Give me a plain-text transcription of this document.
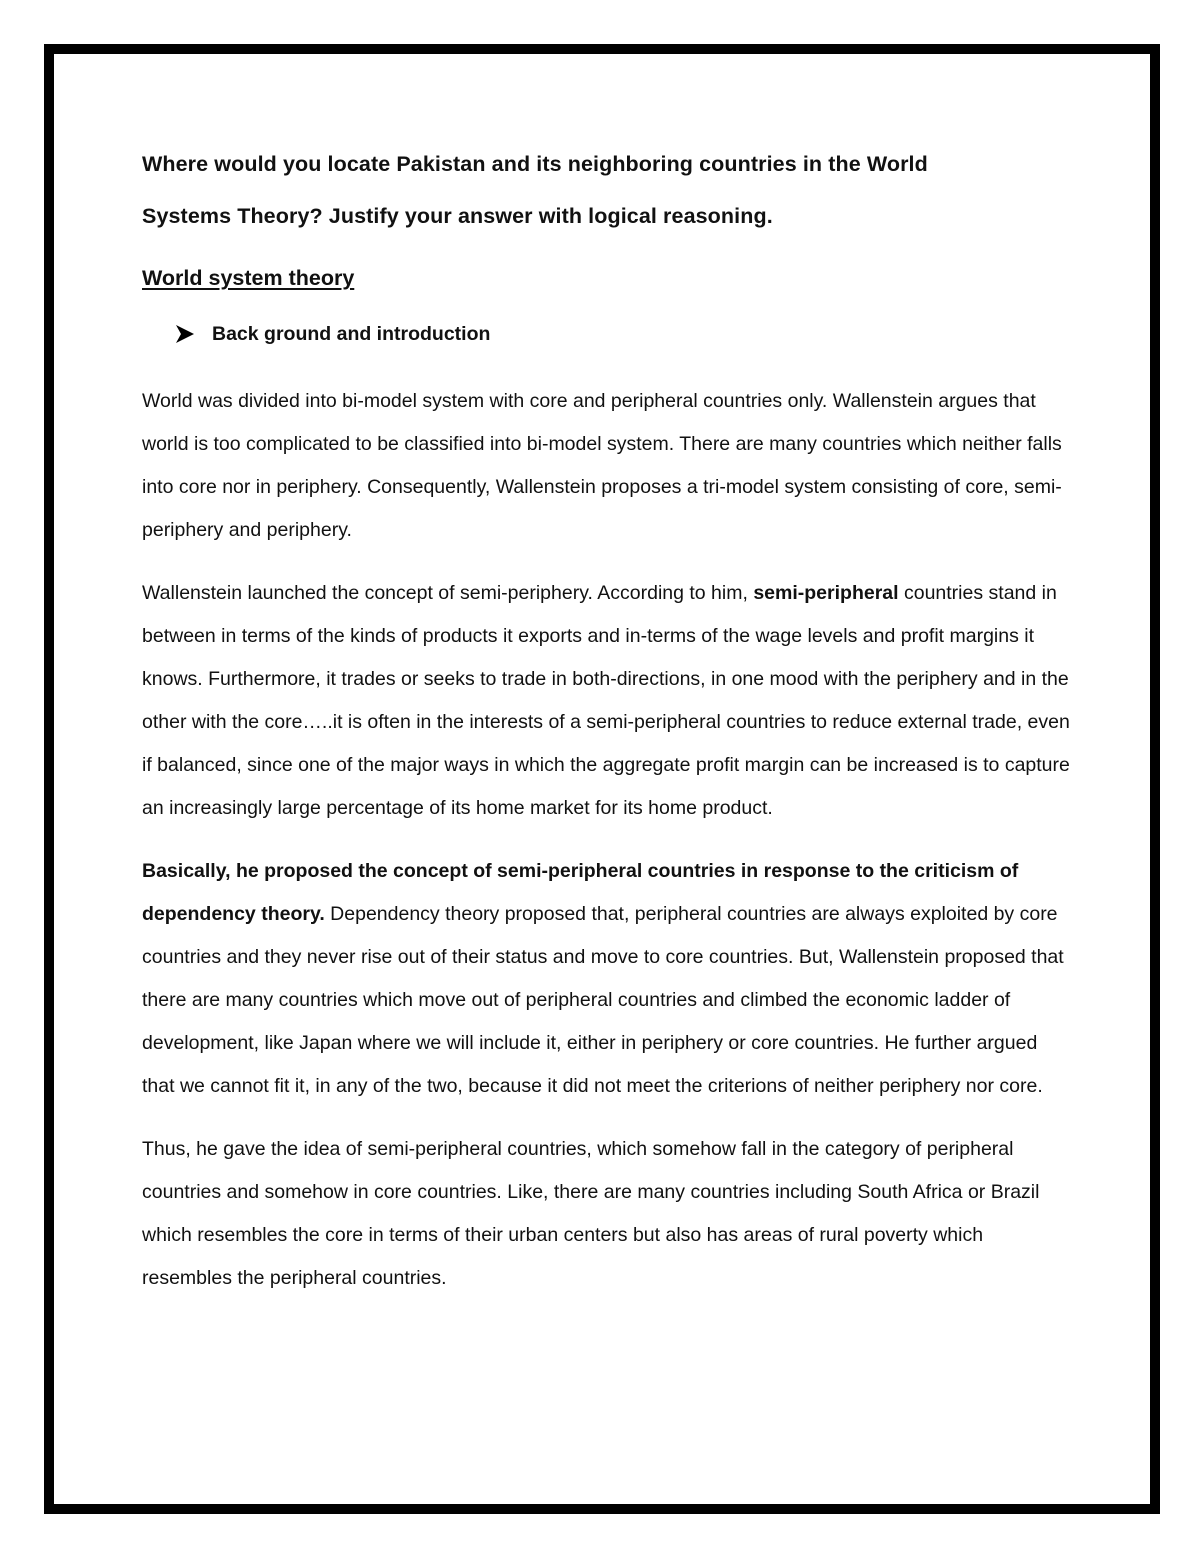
Where would you locate Pakistan and its neighboring countries in the World
Systems Theory? Justify your answer with logical reasoning.
World system theory
Back ground and introduction

World was divided into bi-model system with core and peripheral countries only. Wallenstein argues that world is too complicated to be classified into bi-model system. There are many countries which neither falls into core nor in periphery. Consequently, Wallenstein proposes a tri-model system consisting of core, semi-periphery and periphery.

Wallenstein launched the concept of semi-periphery. According to him, semi-peripheral countries stand in between in terms of the kinds of products it exports and in-terms of the wage levels and profit margins it knows. Furthermore, it trades or seeks to trade in both-directions, in one mood with the periphery and in the other with the core…..it is often in the interests of a semi-peripheral countries to reduce external trade, even if balanced, since one of the major ways in which the aggregate profit margin can be increased is to capture an increasingly large percentage of its home market for its home product.

Basically, he proposed the concept of semi-peripheral countries in response to the criticism of dependency theory. Dependency theory proposed that, peripheral countries are always exploited by core countries and they never rise out of their status and move to core countries. But, Wallenstein proposed that there are many countries which move out of peripheral countries and climbed the economic ladder of development, like Japan where we will include it, either in periphery or core countries. He further argued that we cannot fit it, in any of the two, because it did not meet the criterions of neither periphery nor core.

Thus, he gave the idea of semi-peripheral countries, which somehow fall in the category of peripheral countries and somehow in core countries. Like, there are many countries including South Africa or Brazil which resembles the core in terms of their urban centers but also has areas of rural poverty which resembles the peripheral countries.
